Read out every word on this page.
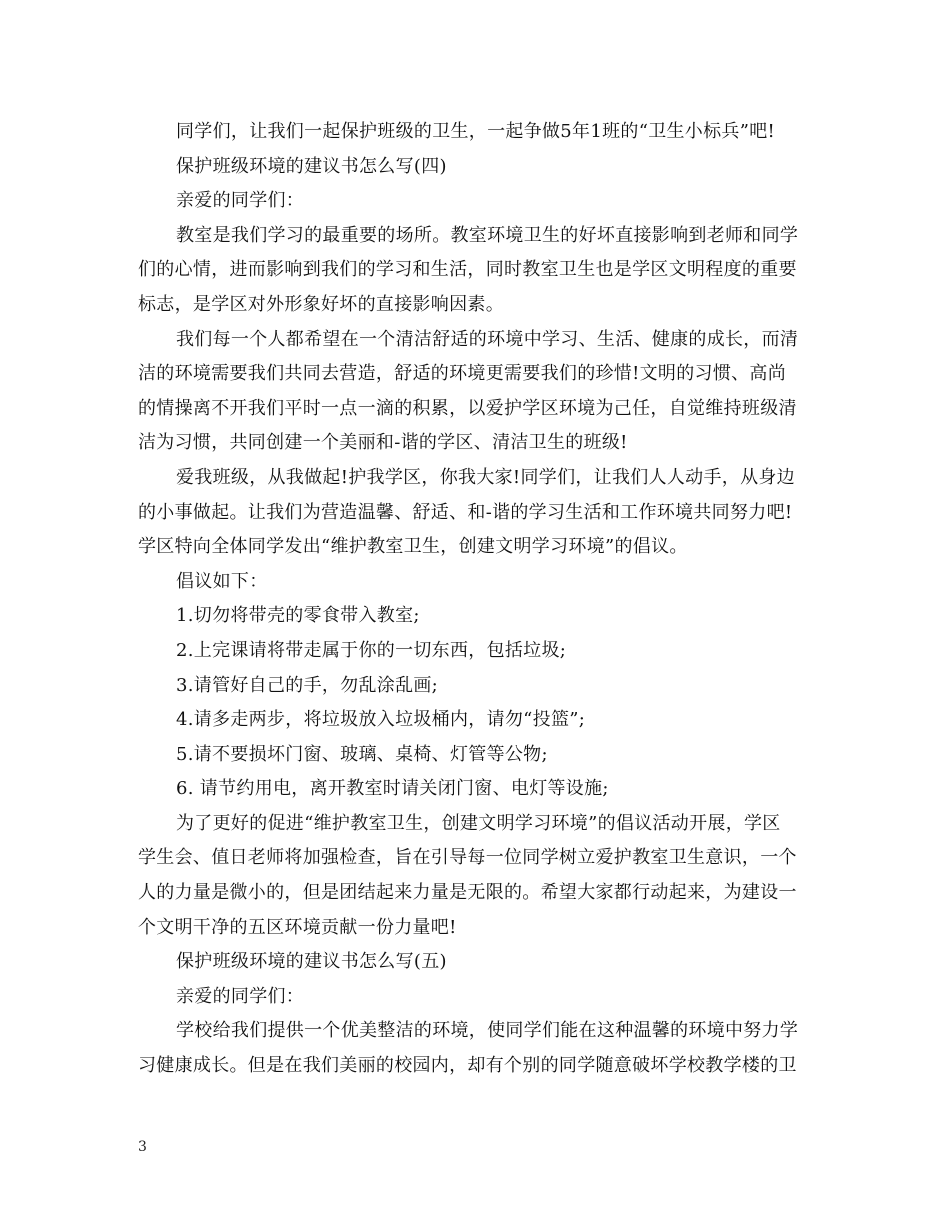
同学们，让我们一起保护班级的卫生，一起争做5年1班的“卫生小标兵”吧!
保护班级环境的建议书怎么写(四)
亲爱的同学们：
教室是我们学习的最重要的场所。教室环境卫生的好坏直接影响到老师和同学
们的心情，进而影响到我们的学习和生活，同时教室卫生也是学区文明程度的重要
标志，是学区对外形象好坏的直接影响因素。
我们每一个人都希望在一个清洁舒适的环境中学习、生活、健康的成长，而清
洁的环境需要我们共同去营造，舒适的环境更需要我们的珍惜!文明的习惯、高尚
的情操离不开我们平时一点一滴的积累，以爱护学区环境为己任，自觉维持班级清
洁为习惯，共同创建一个美丽和-谐的学区、清洁卫生的班级!
爱我班级，从我做起!护我学区，你我大家!同学们，让我们人人动手，从身边
的小事做起。让我们为营造温馨、舒适、和-谐的学习生活和工作环境共同努力吧!
学区特向全体同学发出“维护教室卫生，创建文明学习环境”的倡议。
倡议如下：
1.切勿将带壳的零食带入教室;
2.上完课请将带走属于你的一切东西，包括垃圾;
3.请管好自己的手，勿乱涂乱画;
4.请多走两步，将垃圾放入垃圾桶内，请勿“投篮”;
5.请不要损坏门窗、玻璃、桌椅、灯管等公物;
6. 请节约用电，离开教室时请关闭门窗、电灯等设施;
为了更好的促进“维护教室卫生，创建文明学习环境”的倡议活动开展，学区
学生会、值日老师将加强检查，旨在引导每一位同学树立爱护教室卫生意识，一个
人的力量是微小的，但是团结起来力量是无限的。希望大家都行动起来，为建设一
个文明干净的五区环境贡献一份力量吧!
保护班级环境的建议书怎么写(五)
亲爱的同学们：
学校给我们提供一个优美整洁的环境，使同学们能在这种温馨的环境中努力学
习健康成长。但是在我们美丽的校园内，却有个别的同学随意破坏学校教学楼的卫
3
